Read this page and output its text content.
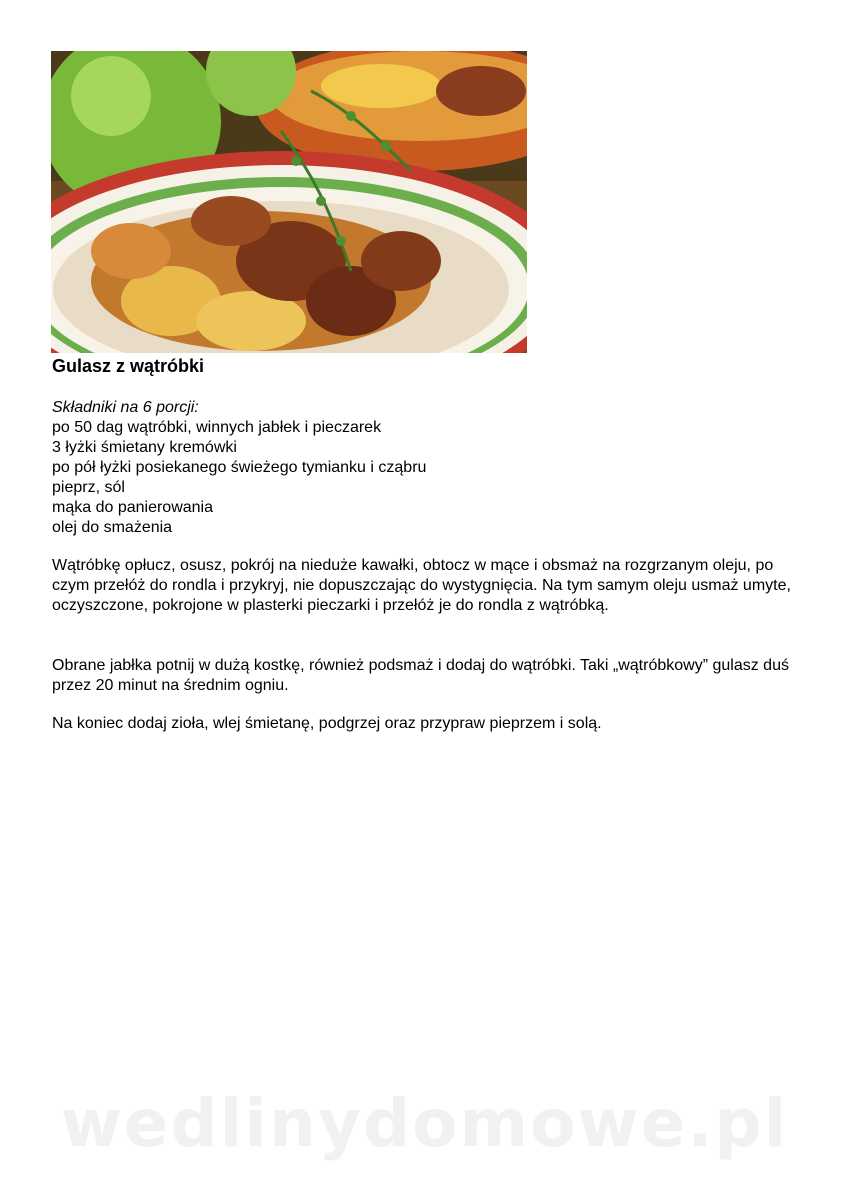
Gulasz z wątróbki
Składniki na 6 porcji:
po 50 dag wątróbki, winnych jabłek i pieczarek
3 łyżki śmietany kremówki
po pół łyżki posiekanego świeżego tymianku i cząbru
pieprz, sól
mąka do panierowania
olej do smażenia
Wątróbkę opłucz, osusz, pokrój na nieduże kawałki, obtocz w mące i obsmaż na rozgrzanym oleju, po czym przełóż do rondla i przykryj, nie dopuszczając do wystygnięcia. Na tym samym oleju usmaż umyte, oczyszczone, pokrojone w plasterki pieczarki i przełóż je do rondla z wątróbką.
Obrane jabłka potnij w dużą kostkę, również podsmaż i dodaj do wątróbki. Taki „wątróbkowy” gulasz duś przez 20 minut na średnim ogniu.
Na koniec dodaj zioła, wlej śmietanę, podgrzej oraz przypraw pieprzem i solą.
wedlinydomowe.pl
